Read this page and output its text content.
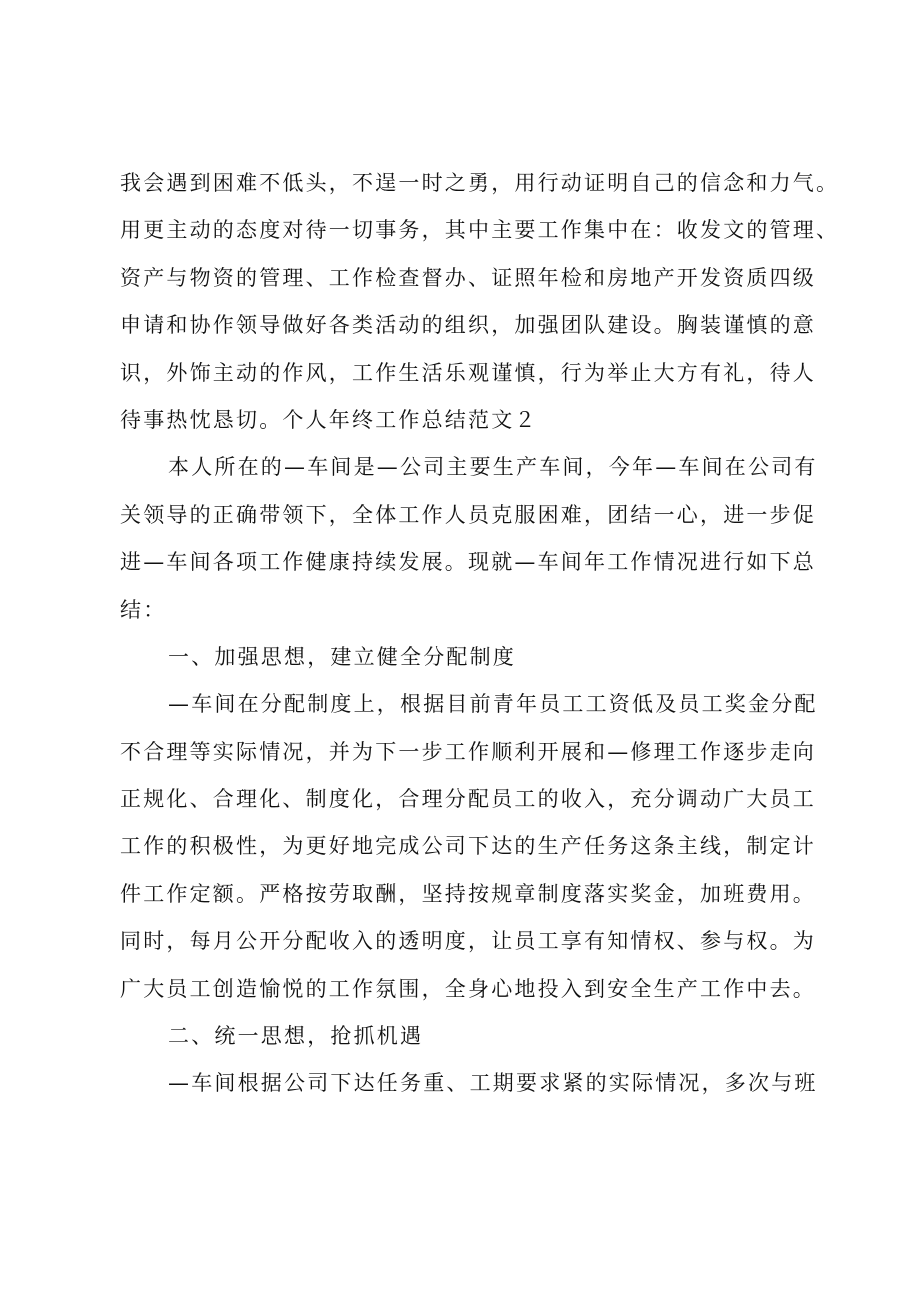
我会遇到困难不低头，不逞一时之勇，用行动证明自己的信念和力气。
用更主动的态度对待一切事务，其中主要工作集中在：收发文的管理、
资产与物资的管理、工作检查督办、证照年检和房地产开发资质四级
申请和协作领导做好各类活动的组织，加强团队建设。胸装谨慎的意
识，外饰主动的作风，工作生活乐观谨慎，行为举止大方有礼，待人
待事热忱恳切。个人年终工作总结范文２
本人所在的—车间是—公司主要生产车间，今年—车间在公司有
关领导的正确带领下，全体工作人员克服困难，团结一心，进一步促
进—车间各项工作健康持续发展。现就—车间年工作情况进行如下总
结：
一、加强思想，建立健全分配制度
—车间在分配制度上，根据目前青年员工工资低及员工奖金分配
不合理等实际情况，并为下一步工作顺利开展和—修理工作逐步走向
正规化、合理化、制度化，合理分配员工的收入，充分调动广大员工
工作的积极性，为更好地完成公司下达的生产任务这条主线，制定计
件工作定额。严格按劳取酬，坚持按规章制度落实奖金，加班费用。
同时，每月公开分配收入的透明度，让员工享有知情权、参与权。为
广大员工创造愉悦的工作氛围，全身心地投入到安全生产工作中去。
二、统一思想，抢抓机遇
—车间根据公司下达任务重、工期要求紧的实际情况，多次与班
